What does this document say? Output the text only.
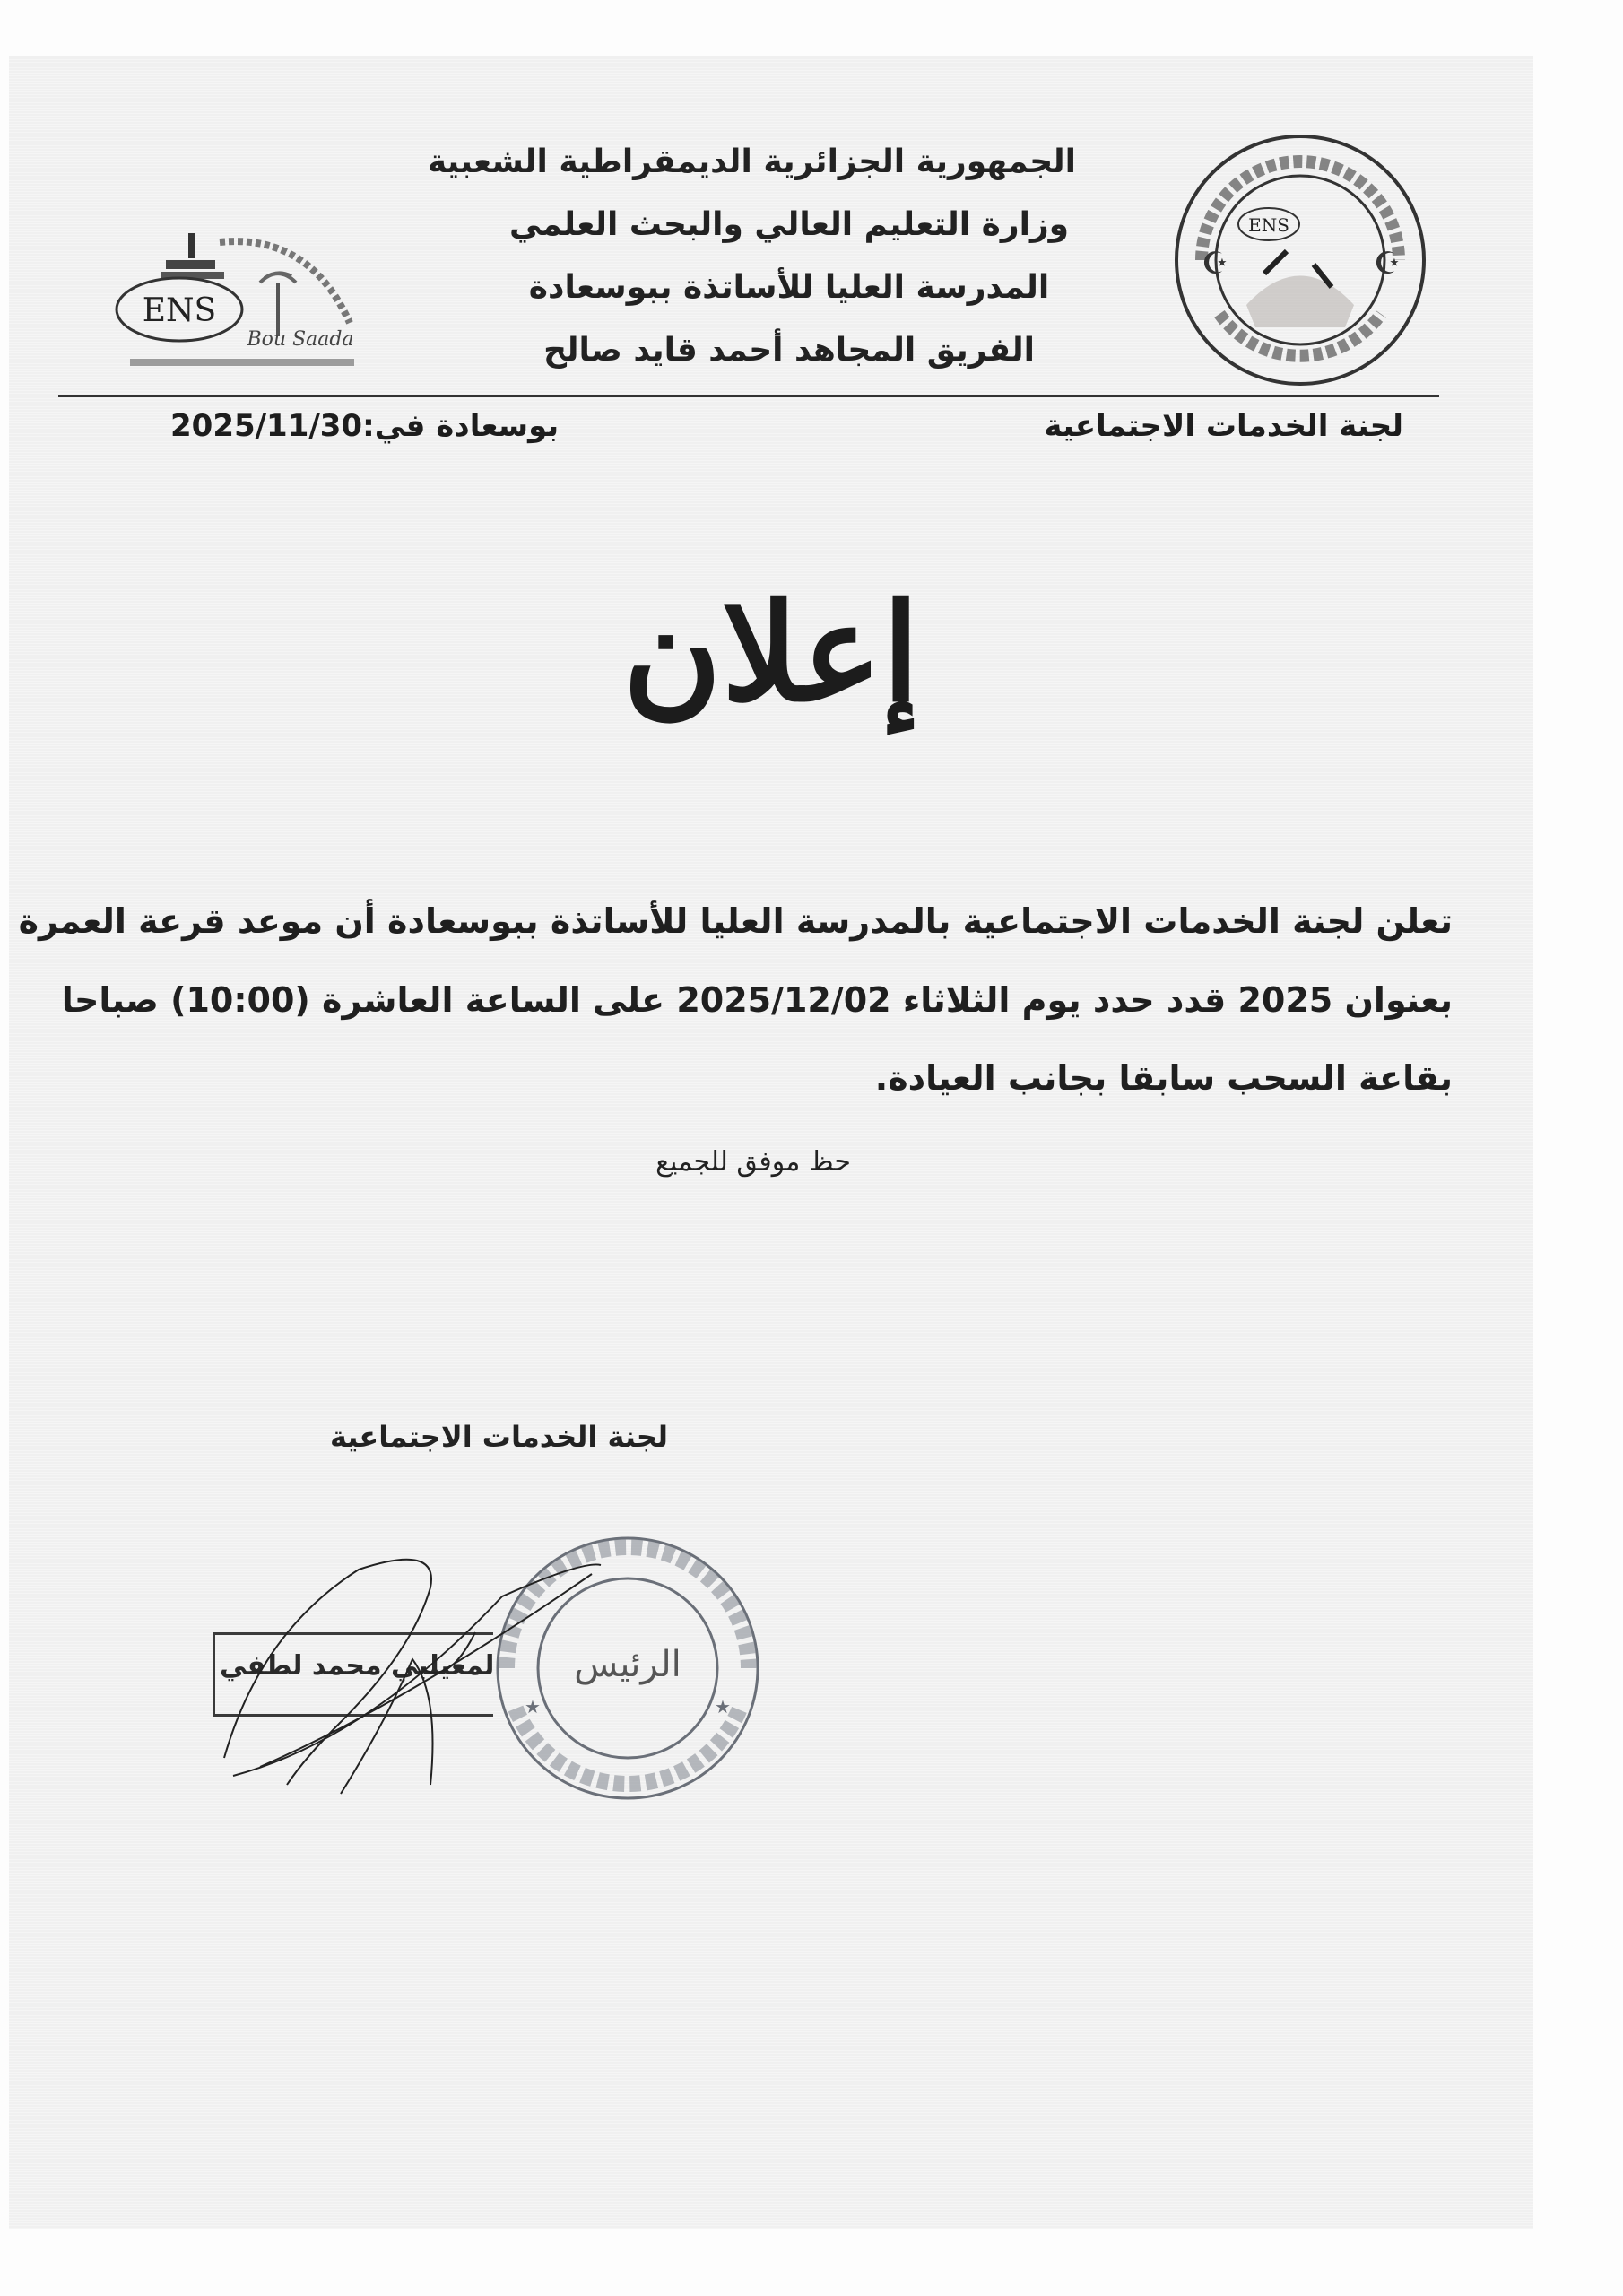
الجمهورية الجزائرية الديمقراطية الشعبية
وزارة التعليم العالي والبحث العلمي
المدرسة العليا للأساتذة ببوسعادة
الفريق المجاهد أحمد قايد صالح
ENS
Bou Saada
☪	☪
ENS
لجنة الخدمات الاجتماعية
بوسعادة في:2025/11/30
إعلان
تعلن لجنة الخدمات الاجتماعية بالمدرسة العليا للأساتذة ببوسعادة أن موعد قرعة العمرة
بعنوان 2025 قدد حدد يوم الثلاثاء 2025/12/02 على الساعة العاشرة (10:00) صباحا
بقاعة السحب سابقا بجانب العيادة.
حظ موفق للجميع
لجنة الخدمات الاجتماعية
لمعيلبي محمد لطفي
★	★
الرئيس
